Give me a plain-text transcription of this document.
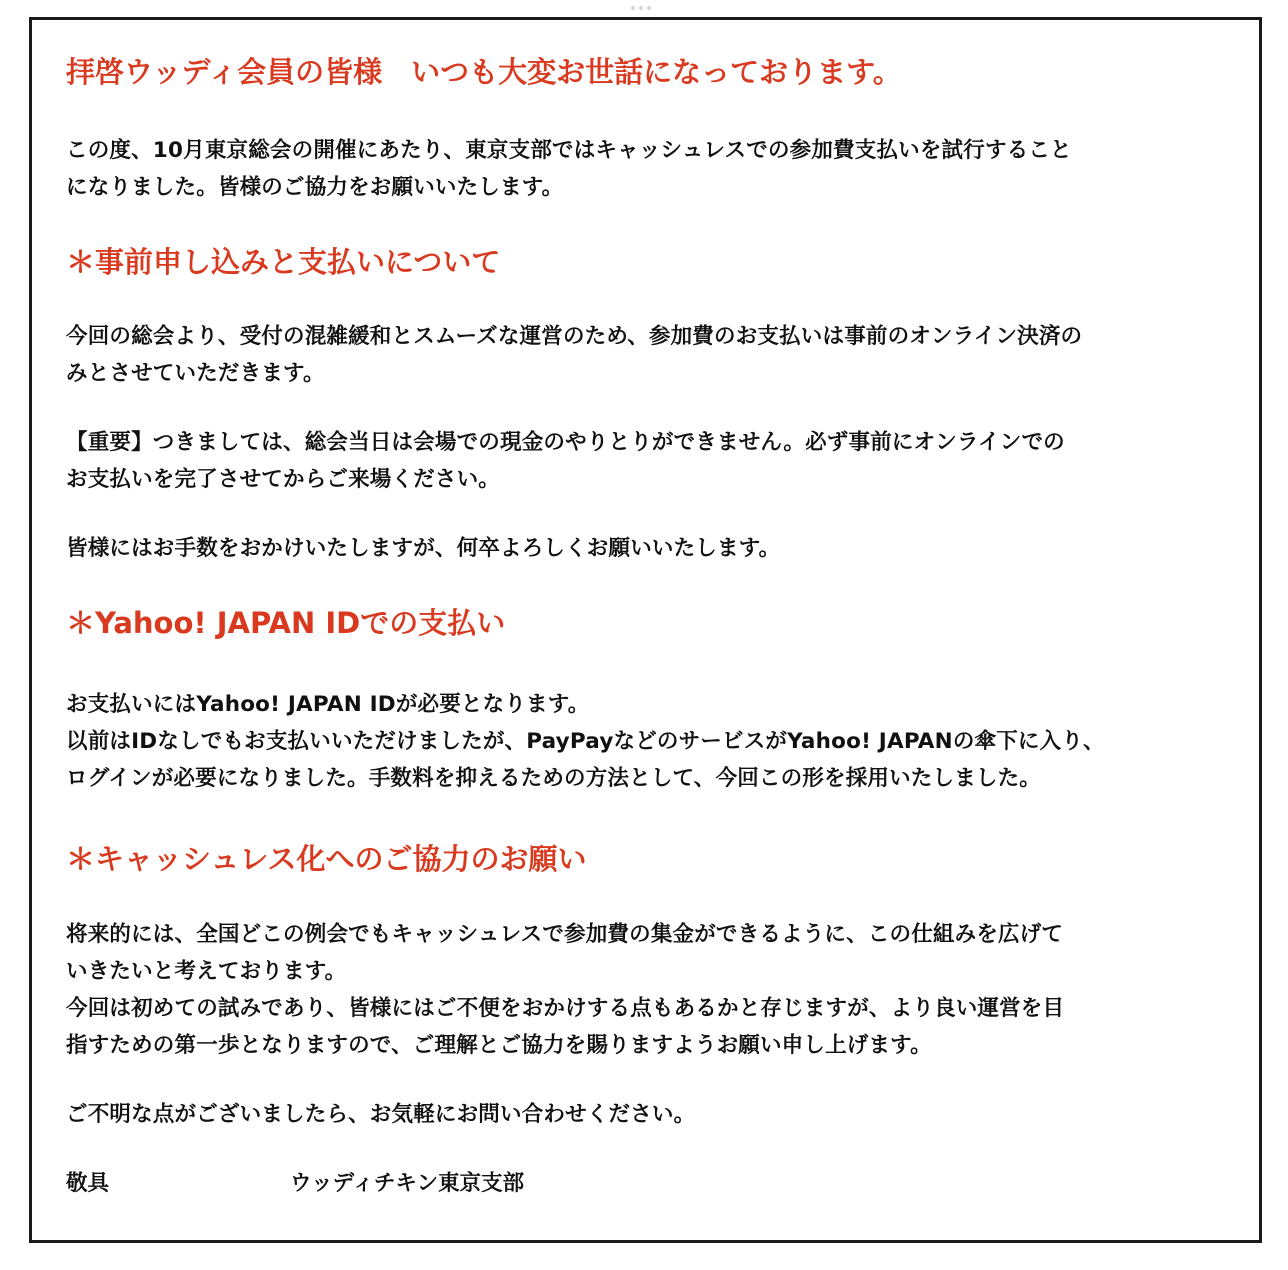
拝啓ウッディ会員の皆様　いつも大変お世話になっております。

この度、10月東京総会の開催にあたり、東京支部ではキャッシュレスでの参加費支払いを試行すること
になりました。皆様のご協力をお願いいたします。

＊事前申し込みと支払いについて

今回の総会より、受付の混雑緩和とスムーズな運営のため、参加費のお支払いは事前のオンライン決済の
みとさせていただきます。

【重要】つきましては、総会当日は会場での現金のやりとりができません。必ず事前にオンラインでの
お支払いを完了させてからご来場ください。

皆様にはお手数をおかけいたしますが、何卒よろしくお願いいたします。

＊Yahoo! JAPAN IDでの支払い

お支払いにはYahoo! JAPAN IDが必要となります。
以前はIDなしでもお支払いいただけましたが、PayPayなどのサービスがYahoo! JAPANの傘下に入り、
ログインが必要になりました。手数料を抑えるための方法として、今回この形を採用いたしました。

＊キャッシュレス化へのご協力のお願い

将来的には、全国どこの例会でもキャッシュレスで参加費の集金ができるように、この仕組みを広げて
いきたいと考えております。
今回は初めての試みであり、皆様にはご不便をおかけする点もあるかと存じますが、より良い運営を目
指すための第一歩となりますので、ご理解とご協力を賜りますようお願い申し上げます。

ご不明な点がございましたら、お気軽にお問い合わせください。

敬具	ウッディチキン東京支部
